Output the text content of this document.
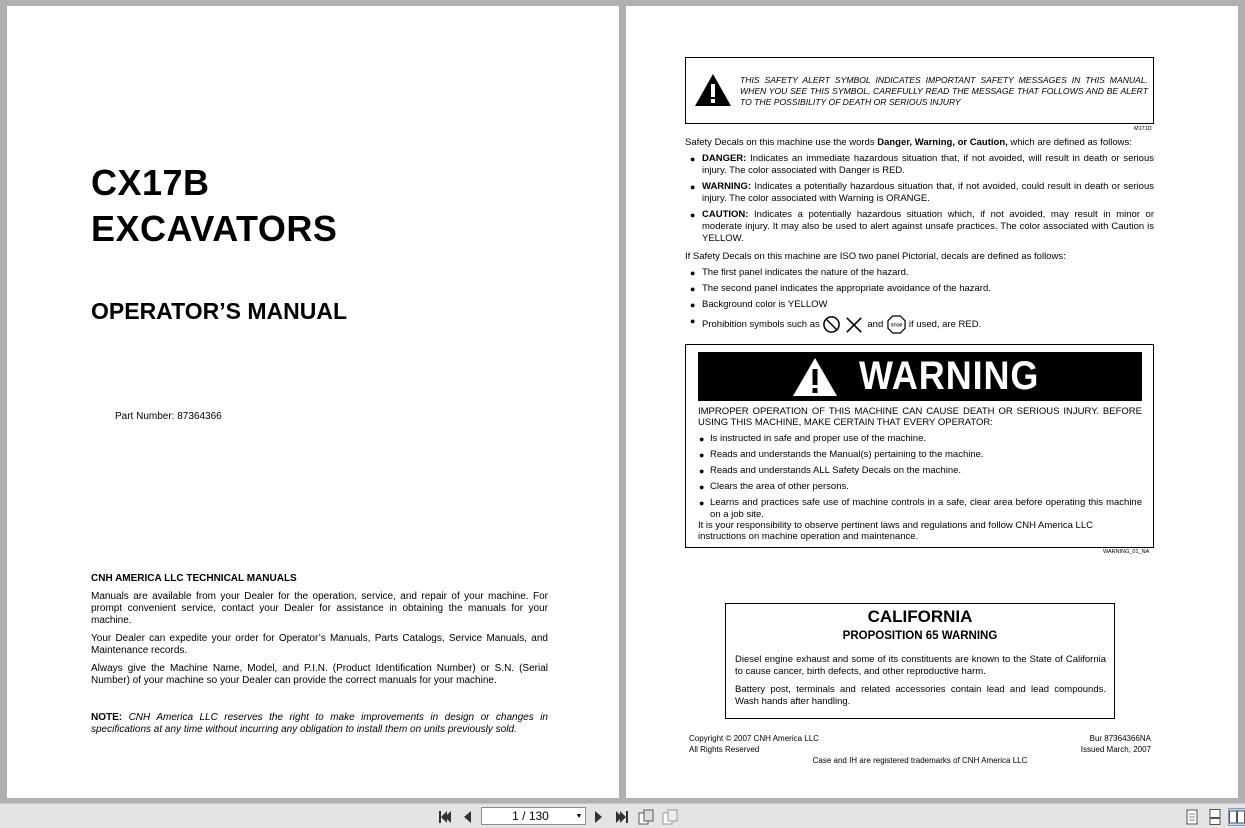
CX17B
EXCAVATORS
OPERATOR’S MANUAL
Part Number: 87364366
CNH AMERICA LLC TECHNICAL MANUALS

Manuals are available from your Dealer for the operation, service, and repair of your machine. For prompt convenient service, contact your Dealer for assistance in obtaining the manuals for your machine.

Your Dealer can expedite your order for Operator’s Manuals, Parts Catalogs, Service Manuals, and Maintenance records.

Always give the Machine Name, Model, and P.I.N. (Product Identification Number) or S.N. (Serial Number) of your machine so your Dealer can provide the correct manuals for your machine.

NOTE: CNH America LLC reserves the right to make improvements in design or changes in specifications at any time without incurring any obligation to install them on units previously sold.
THIS SAFETY ALERT SYMBOL INDICATES IMPORTANT SAFETY MESSAGES IN THIS MANUAL. WHEN YOU SEE THIS SYMBOL, CAREFULLY READ THE MESSAGE THAT FOLLOWS AND BE ALERT TO THE POSSIBILITY OF DEATH OR SERIOUS INJURY
M171D
Safety Decals on this machine use the words Danger, Warning, or Caution, which are defined as follows:
● DANGER: Indicates an immediate hazardous situation that, if not avoided, will result in death or serious injury. The color associated with Danger is RED.
● WARNING: Indicates a potentially hazardous situation that, if not avoided, could result in death or serious injury. The color associated with Warning is ORANGE.
● CAUTION: Indicates a potentially hazardous situation which, if not avoided, may result in minor or moderate injury. It may also be used to alert against unsafe practices. The color associated with Caution is YELLOW.
If Safety Decals on this machine are ISO two panel Pictorial, decals are defined as follows:
● The first panel indicates the nature of the hazard.
● The second panel indicates the appropriate avoidance of the hazard.
● Background color is YELLOW
● Prohibition symbols such as	and STOP if used, are RED.
WARNING
IMPROPER OPERATION OF THIS MACHINE CAN CAUSE DEATH OR SERIOUS INJURY. BEFORE USING THIS MACHINE, MAKE CERTAIN THAT EVERY OPERATOR:
● Is instructed in safe and proper use of the machine.
● Reads and understands the Manual(s) pertaining to the machine.
● Reads and understands ALL Safety Decals on the machine.
● Clears the area of other persons.
● Learns and practices safe use of machine controls in a safe, clear area before operating this machine on a job site.
It is your responsibility to observe pertinent laws and regulations and follow CNH America LLC instructions on machine operation and maintenance.
WARNING_01_NA
CALIFORNIA
PROPOSITION 65 WARNING
Diesel engine exhaust and some of its constituents are known to the State of California to cause cancer, birth defects, and other reproductive harm.
Battery post, terminals and related accessories contain lead and lead compounds. Wash hands after handling.
Copyright © 2007 CNH America LLC
All Rights Reserved
Bur 87364366NA
Issued March, 2007
Case and IH are registered trademarks of CNH America LLC
1 / 130	▼
